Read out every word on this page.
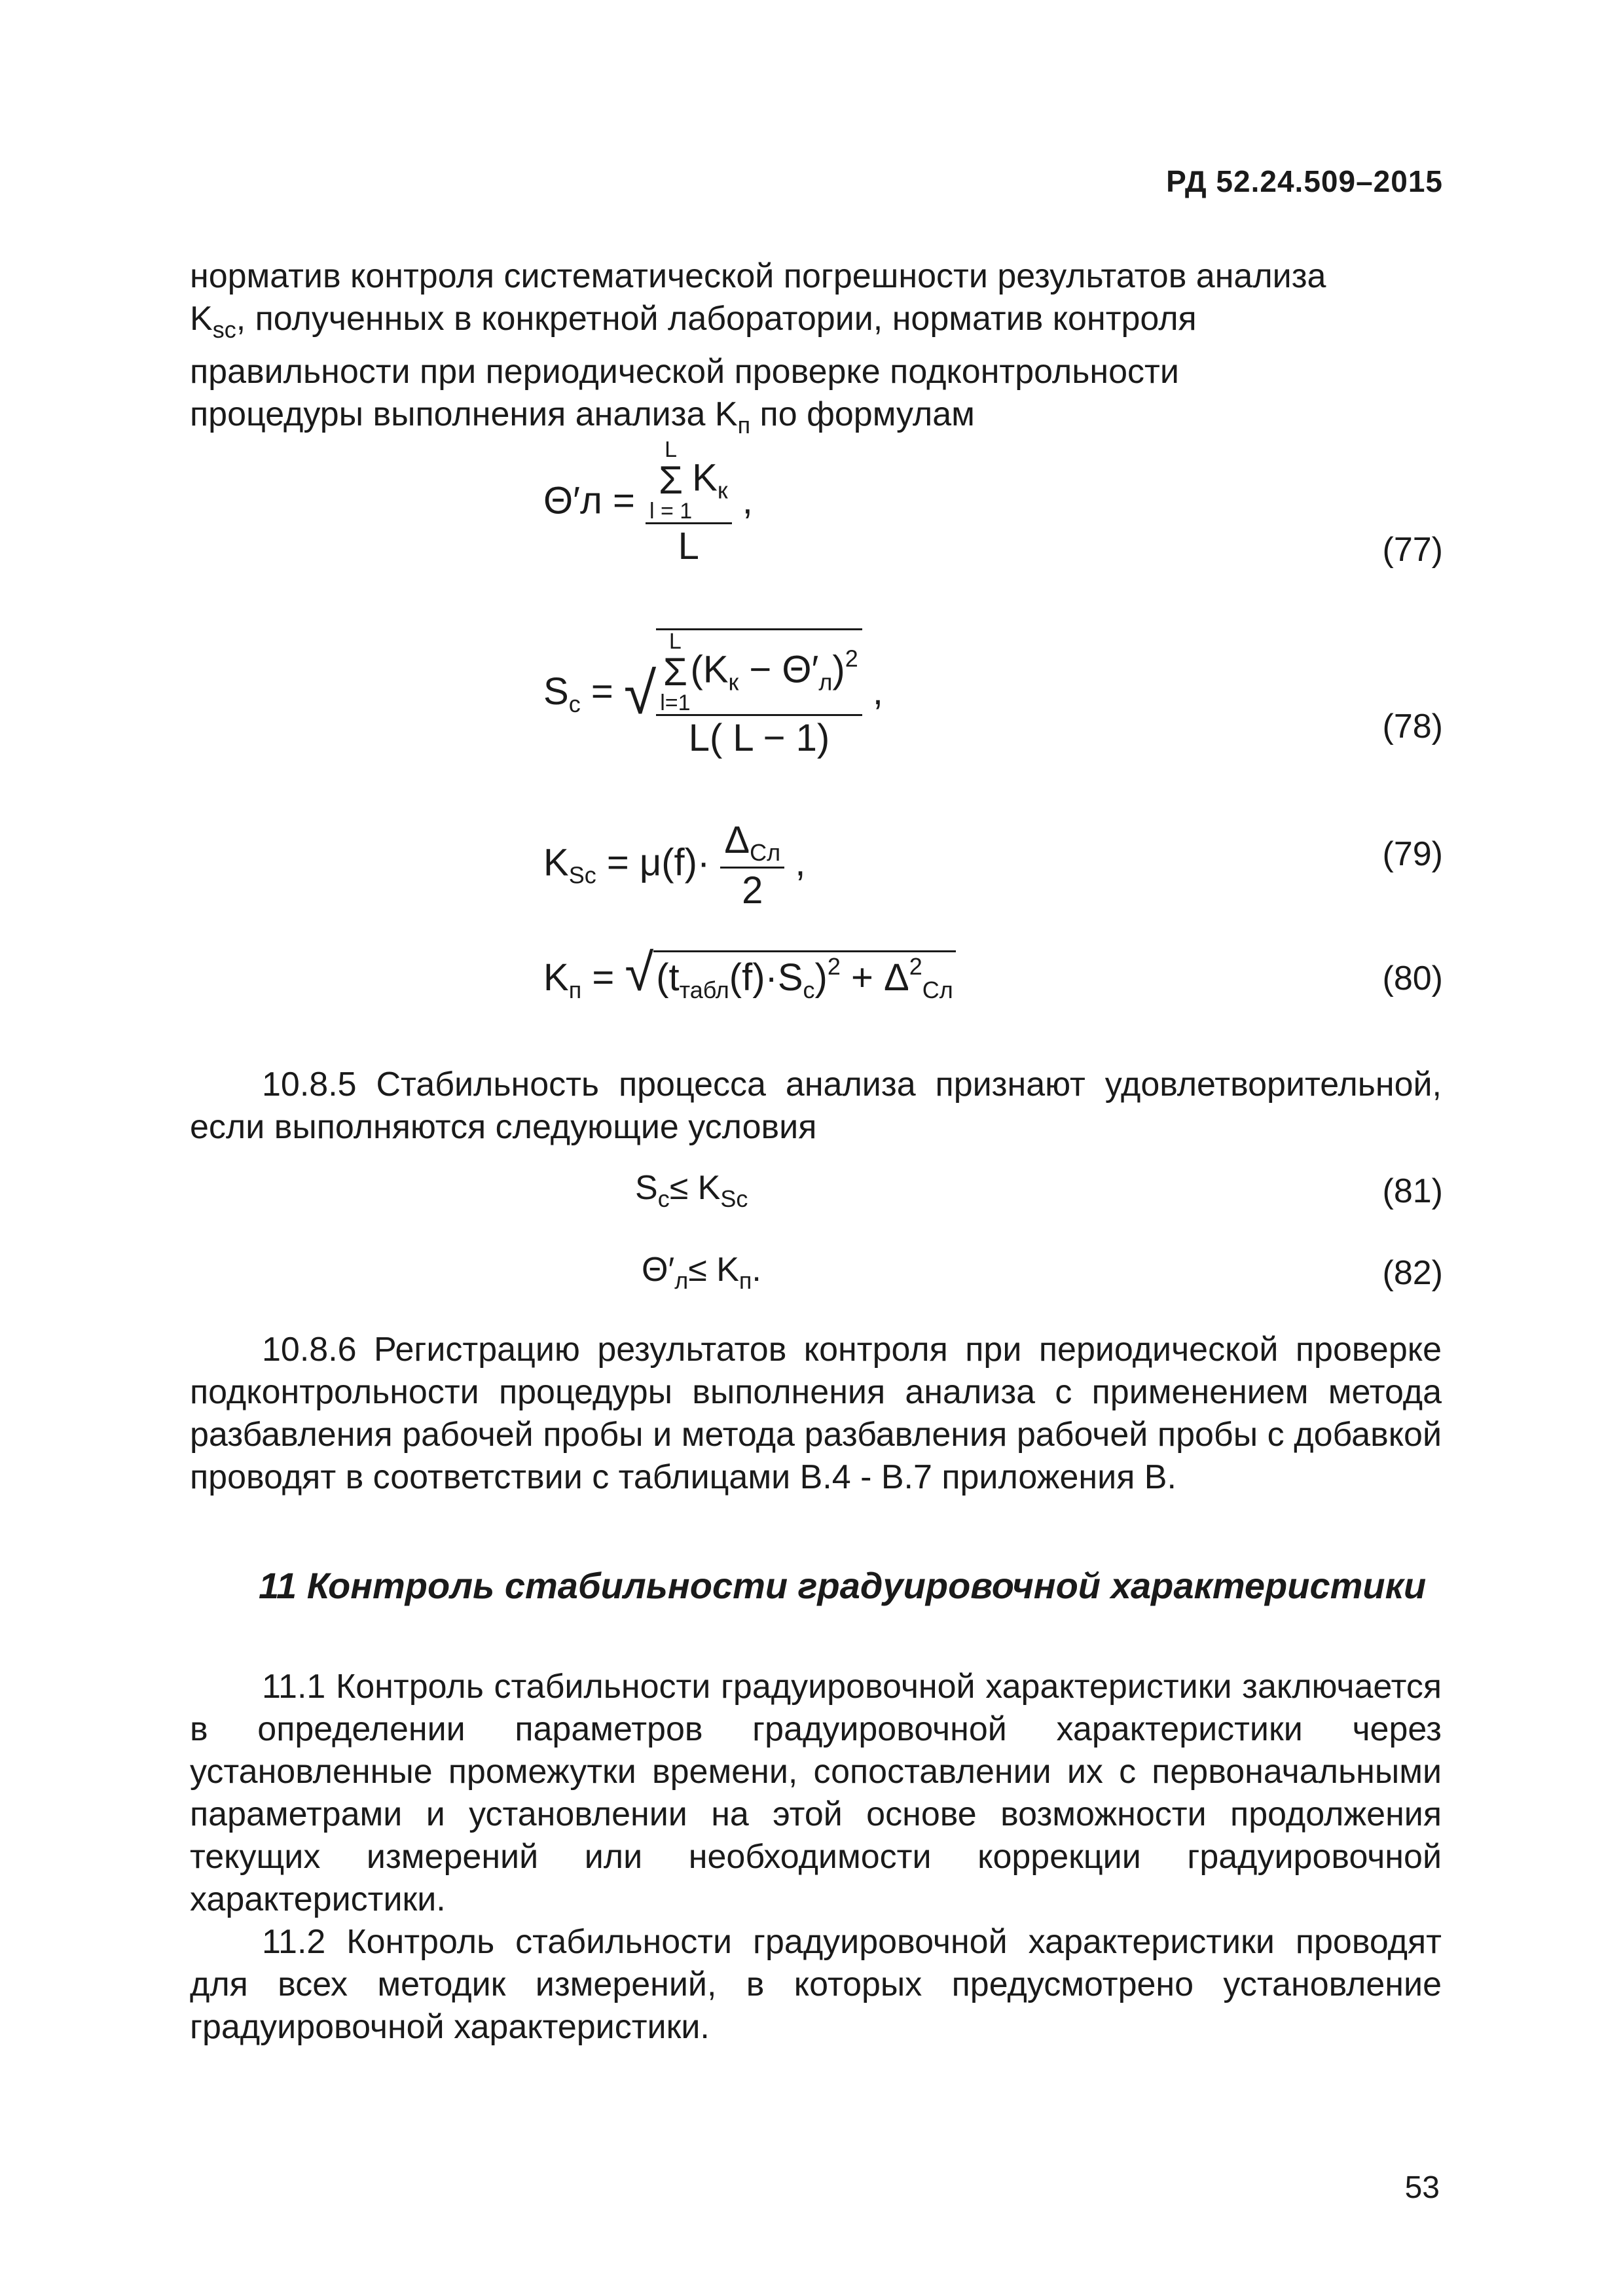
РД 52.24.509–2015

норматив контроля систематической погрешности результатов анализа

$K_{sc}$, полученных в конкретной лаборатории, норматив контроля

правильности при периодической проверке подконтрольности

процедуры выполнения анализа $K_п$ по формулам

Θ′л = L
Σ
l = 1
$K_к$
L ,
(77)
$S_c$ = √ L
Σ
l=1
$(K_к - \Theta'_л)^2$
L( L − 1) ,
(78)
$K_{Sc} = \mu(f)\cdot \frac{\Delta_{Сл}}{2}$ ,	(79)
$K_п = √(t_{табл}(f)\cdot S_c)^2 + \Delta^2_{Сл}$	(80)
10.8.5 Стабильность процесса анализа признают удовлетворительной, если выполняются следующие условия
$S_c\le K_{Sc}$	(81)
$\Theta'_л\le K_п$.	(82)
10.8.6 Регистрацию результатов контроля при периодической проверке подконтрольности процедуры выполнения анализа с применением метода разбавления рабочей пробы и метода разбавления рабочей пробы с добавкой проводят в соответствии с таблицами В.4 - В.7 приложения В.
11 Контроль стабильности градуировочной характеристики
11.1 Контроль стабильности градуировочной характеристики заключается в определении параметров градуировочной характеристики через установленные промежутки времени, сопоставлении их с первоначальными параметрами и установлении на этой основе возможности продолжения текущих измерений или необходимости коррекции градуировочной характеристики.
11.2 Контроль стабильности градуировочной характеристики проводят для всех методик измерений, в которых предусмотрено установление градуировочной характеристики.
53
